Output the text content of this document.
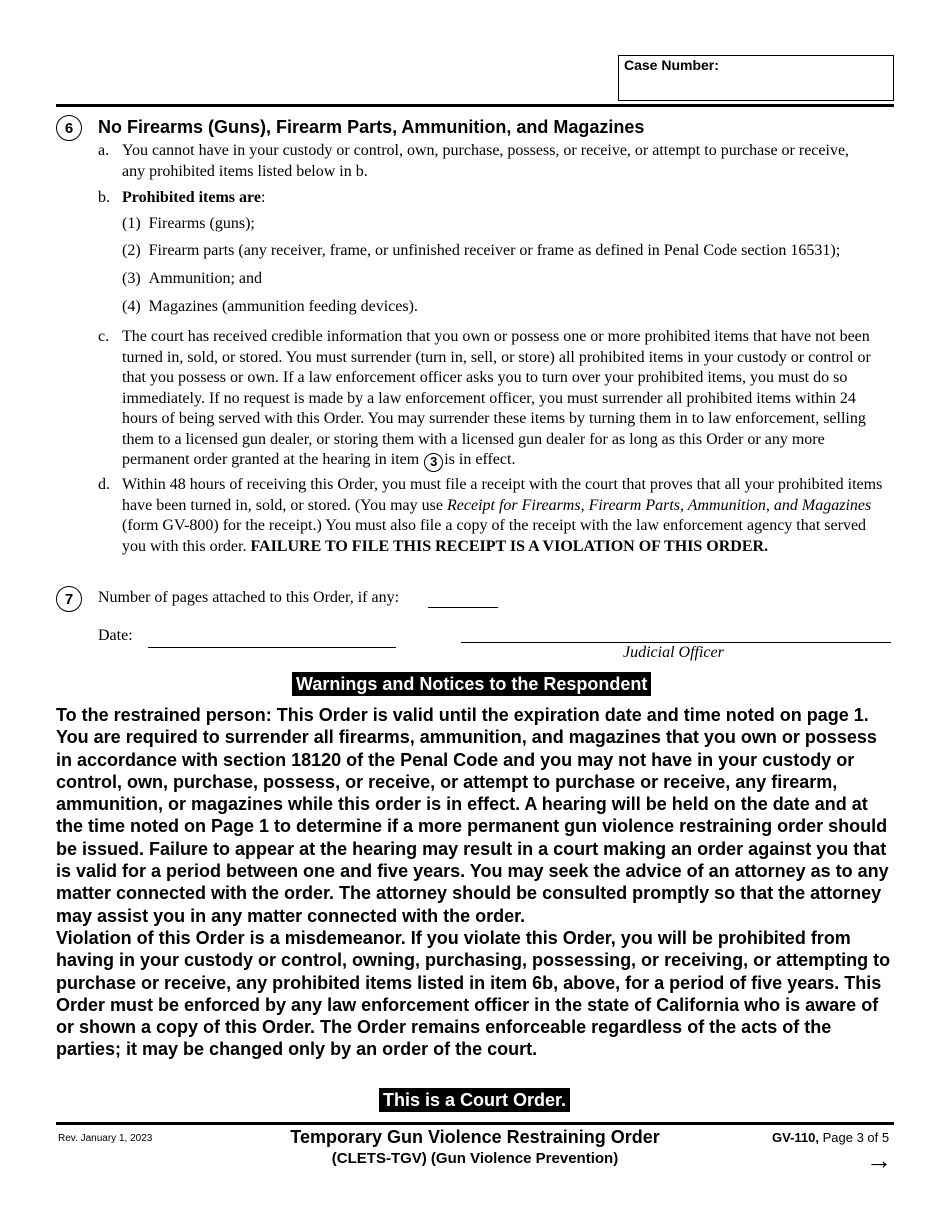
Case Number:
6	No Firearms (Guns), Firearm Parts, Ammunition, and Magazines
a. You cannot have in your custody or control, own, purchase, possess, or receive, or attempt to purchase or receive, any prohibited items listed below in b.
b. Prohibited items are:
(1) Firearms (guns);
(2) Firearm parts (any receiver, frame, or unfinished receiver or frame as defined in Penal Code section 16531);
(3) Ammunition; and
(4) Magazines (ammunition feeding devices).
c. The court has received credible information that you own or possess one or more prohibited items that have not been turned in, sold, or stored. You must surrender (turn in, sell, or store) all prohibited items in your custody or control or that you possess or own. If a law enforcement officer asks you to turn over your prohibited items, you must do so immediately. If no request is made by a law enforcement officer, you must surrender all prohibited items within 24 hours of being served with this Order. You may surrender these items by turning them in to law enforcement, selling them to a licensed gun dealer, or storing them with a licensed gun dealer for as long as this Order or any more permanent order granted at the hearing in item 3 is in effect.
d. Within 48 hours of receiving this Order, you must file a receipt with the court that proves that all your prohibited items have been turned in, sold, or stored. (You may use Receipt for Firearms, Firearm Parts, Ammunition, and Magazines (form GV-800) for the receipt.) You must also file a copy of the receipt with the law enforcement agency that served you with this order. FAILURE TO FILE THIS RECEIPT IS A VIOLATION OF THIS ORDER.
7	Number of pages attached to this Order, if any:
Date:
Judicial Officer
Warnings and Notices to the Respondent

To the restrained person: This Order is valid until the expiration date and time noted on page 1. You are required to surrender all firearms, ammunition, and magazines that you own or possess in accordance with section 18120 of the Penal Code and you may not have in your custody or control, own, purchase, possess, or receive, or attempt to purchase or receive, any firearm, ammunition, or magazines while this order is in effect. A hearing will be held on the date and at the time noted on Page 1 to determine if a more permanent gun violence restraining order should be issued. Failure to appear at the hearing may result in a court making an order against you that is valid for a period between one and five years. You may seek the advice of an attorney as to any matter connected with the order. The attorney should be consulted promptly so that the attorney may assist you in any matter connected with the order.

Violation of this Order is a misdemeanor. If you violate this Order, you will be prohibited from having in your custody or control, owning, purchasing, possessing, or receiving, or attempting to purchase or receive, any prohibited items listed in item 6b, above, for a period of five years. This Order must be enforced by any law enforcement officer in the state of California who is aware of or shown a copy of this Order. The Order remains enforceable regardless of the acts of the parties; it may be changed only by an order of the court.

This is a Court Order.
Rev. January 1, 2023	Temporary Gun Violence Restraining Order
(CLETS-TGV) (Gun Violence Prevention)
GV-110, Page 3 of 5
→
